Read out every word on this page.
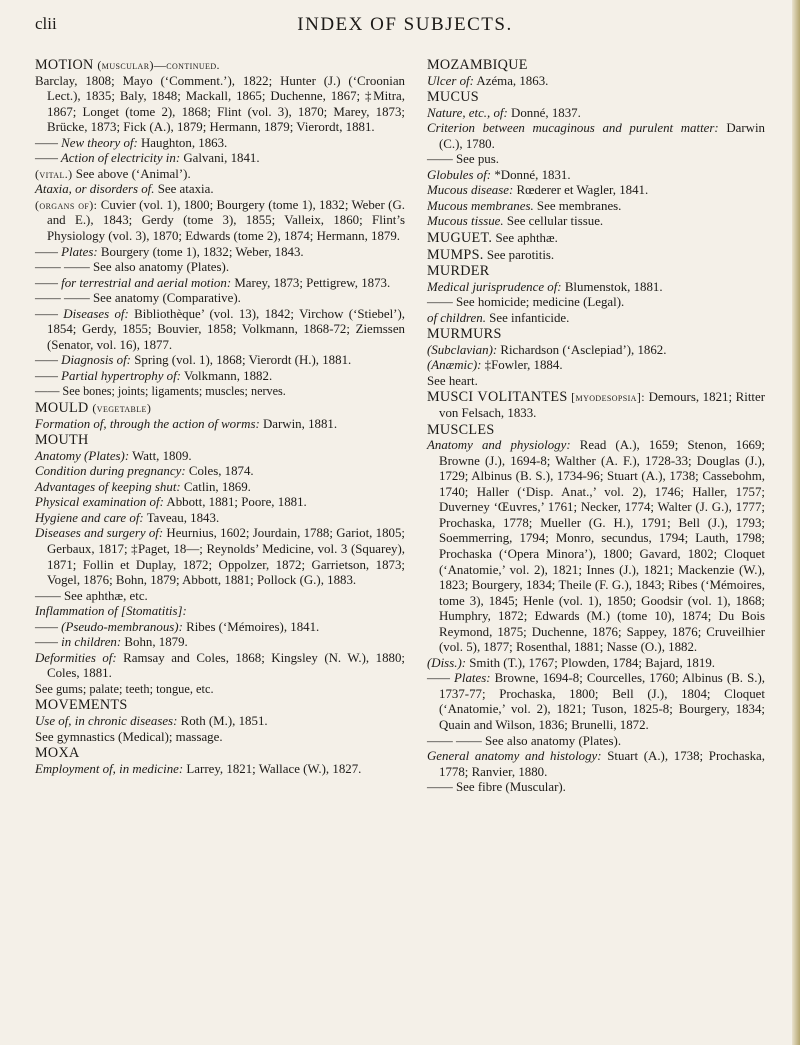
clii	INDEX OF SUBJECTS.

MOTION (muscular)—continued.

Barclay, 1808; Mayo (‘Comment.’), 1822; Hunter (J.) (‘Croonian Lect.), 1835; Baly, 1848; Mackall, 1865; Duchenne, 1867; ‡Mitra, 1867; Longet (tome 2), 1868; Flint (vol. 3), 1870; Marey, 1873; Brücke, 1873; Fick (A.), 1879; Hermann, 1879; Vierordt, 1881.

—— New theory of: Haughton, 1863.

—— Action of electricity in: Galvani, 1841.

(vital.) See above (‘Animal’).

Ataxia, or disorders of. See ataxia.

(organs of): Cuvier (vol. 1), 1800; Bourgery (tome 1), 1832; Weber (G. and E.), 1843; Gerdy (tome 3), 1855; Valleix, 1860; Flint’s Physiology (vol. 3), 1870; Edwards (tome 2), 1874; Hermann, 1879.

—— Plates: Bourgery (tome 1), 1832; Weber, 1843.

—— —— See also anatomy (Plates).

—— for terrestrial and aerial motion: Marey, 1873; Pettigrew, 1873.

—— —— See anatomy (Comparative).

—— Diseases of: Bibliothèque’ (vol. 13), 1842; Virchow (‘Stiebel’), 1854; Gerdy, 1855; Bouvier, 1858; Volkmann, 1868-72; Ziemssen (Senator, vol. 16), 1877.

—— Diagnosis of: Spring (vol. 1), 1868; Vierordt (H.), 1881.

—— Partial hypertrophy of: Volkmann, 1882.

—— See bones; joints; ligaments; muscles; nerves.

MOULD (vegetable)

Formation of, through the action of worms: Darwin, 1881.

MOUTH

Anatomy (Plates): Watt, 1809.

Condition during pregnancy: Coles, 1874.

Advantages of keeping shut: Catlin, 1869.

Physical examination of: Abbott, 1881; Poore, 1881.

Hygiene and care of: Taveau, 1843.

Diseases and surgery of: Heurnius, 1602; Jourdain, 1788; Gariot, 1805; Gerbaux, 1817; ‡Paget, 18—; Reynolds’ Medicine, vol. 3 (Squarey), 1871; Follin et Duplay, 1872; Oppolzer, 1872; Garrietson, 1873; Vogel, 1876; Bohn, 1879; Abbott, 1881; Pollock (G.), 1883.

—— See aphthæ, etc.

Inflammation of [Stomatitis]:

—— (Pseudo-membranous): Ribes (‘Mémoires), 1841.

—— in children: Bohn, 1879.

Deformities of: Ramsay and Coles, 1868; Kingsley (N. W.), 1880; Coles, 1881.

See gums; palate; teeth; tongue, etc.

MOVEMENTS

Use of, in chronic diseases: Roth (M.), 1851.

See gymnastics (Medical); massage.

MOXA

Employment of, in medicine: Larrey, 1821; Wallace (W.), 1827.

MOZAMBIQUE

Ulcer of: Azéma, 1863.

MUCUS

Nature, etc., of: Donné, 1837.

Criterion between mucaginous and purulent matter: Darwin (C.), 1780.

—— See pus.

Globules of: *Donné, 1831.

Mucous disease: Rœderer et Wagler, 1841.

Mucous membranes. See membranes.

Mucous tissue. See cellular tissue.

MUGUET. See aphthæ.

MUMPS. See parotitis.

MURDER

Medical jurisprudence of: Blumenstok, 1881.

—— See homicide; medicine (Legal).

of children. See infanticide.

MURMURS

(Subclavian): Richardson (‘Asclepiad’), 1862.

(Anæmic): ‡Fowler, 1884.

See heart.

MUSCI VOLITANTES [myodesopsia]: Demours, 1821; Ritter von Felsach, 1833.

MUSCLES

Anatomy and physiology: Read (A.), 1659; Stenon, 1669; Browne (J.), 1694-8; Walther (A. F.), 1728-33; Douglas (J.), 1729; Albinus (B. S.), 1734-96; Stuart (A.), 1738; Cassebohm, 1740; Haller (‘Disp. Anat.,’ vol. 2), 1746; Haller, 1757; Duverney ‘Œuvres,’ 1761; Necker, 1774; Walter (J. G.), 1777; Prochaska, 1778; Mueller (G. H.), 1791; Bell (J.), 1793; Soemmerring, 1794; Monro, secundus, 1794; Lauth, 1798; Prochaska (‘Opera Minora’), 1800; Gavard, 1802; Cloquet (‘Anatomie,’ vol. 2), 1821; Innes (J.), 1821; Mackenzie (W.), 1823; Bourgery, 1834; Theile (F. G.), 1843; Ribes (‘Mémoires, tome 3), 1845; Henle (vol. 1), 1850; Goodsir (vol. 1), 1868; Humphry, 1872; Edwards (M.) (tome 10), 1874; Du Bois Reymond, 1875; Duchenne, 1876; Sappey, 1876; Cruveilhier (vol. 5), 1877; Rosenthal, 1881; Nasse (O.), 1882.

(Diss.): Smith (T.), 1767; Plowden, 1784; Bajard, 1819.

—— Plates: Browne, 1694-8; Courcelles, 1760; Albinus (B. S.), 1737-77; Prochaska, 1800; Bell (J.), 1804; Cloquet (‘Anatomie,’ vol. 2), 1821; Tuson, 1825-8; Bourgery, 1834; Quain and Wilson, 1836; Brunelli, 1872.

—— —— See also anatomy (Plates).

General anatomy and histology: Stuart (A.), 1738; Prochaska, 1778; Ranvier, 1880.

—— See fibre (Muscular).
